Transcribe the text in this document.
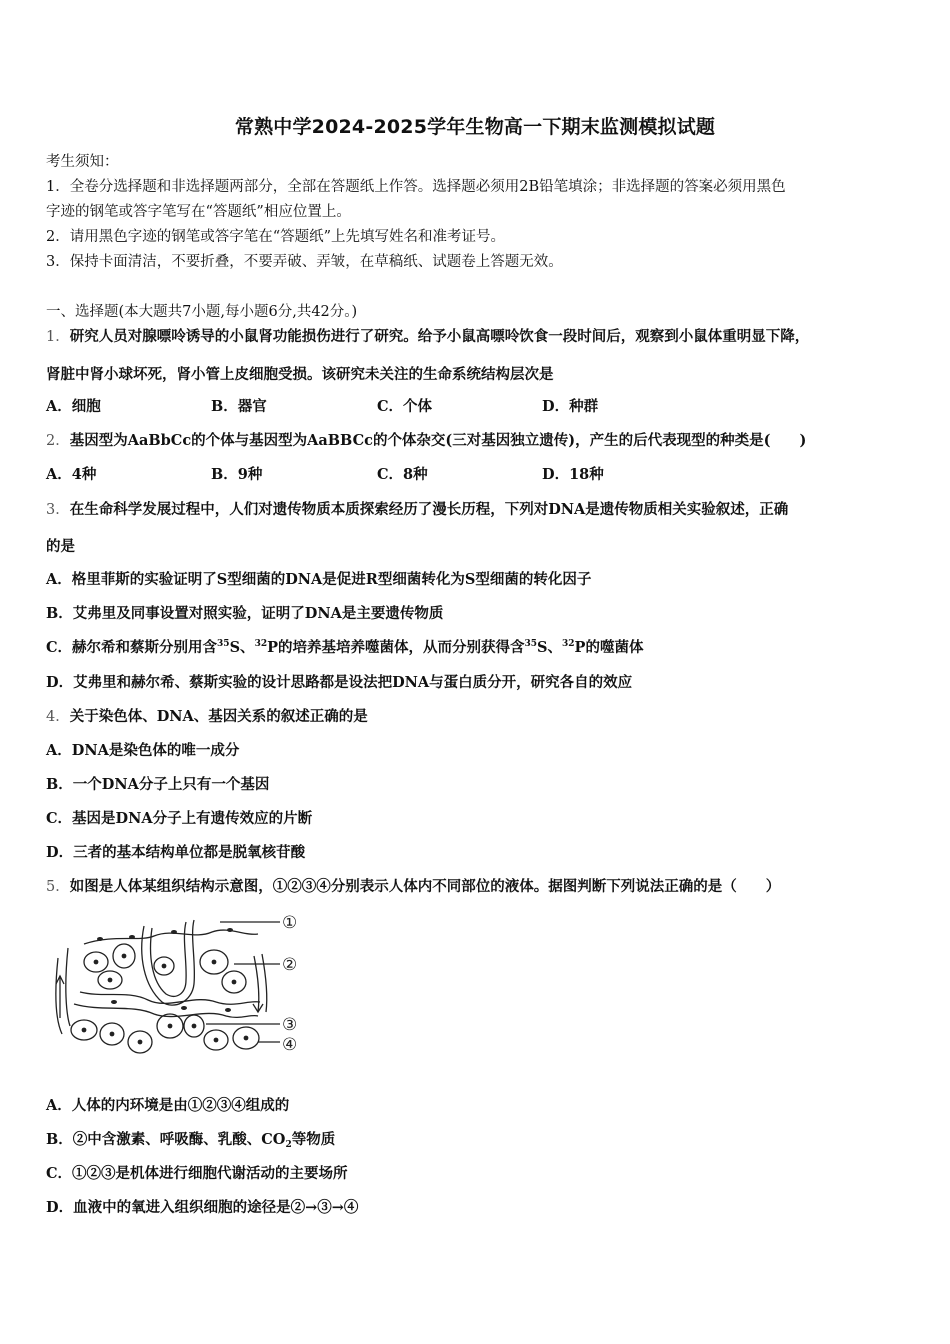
常熟中学2024-2025学年生物高一下期末监测模拟试题
考生须知：
1．全卷分选择题和非选择题两部分，全部在答题纸上作答。选择题必须用2B铅笔填涂；非选择题的答案必须用黑色
字迹的钢笔或答字笔写在“答题纸”相应位置上。
2．请用黑色字迹的钢笔或答字笔在“答题纸”上先填写姓名和准考证号。
3．保持卡面清洁，不要折叠，不要弄破、弄皱，在草稿纸、试题卷上答题无效。
一、选择题(本大题共7小题,每小题6分,共42分。)
1．研究人员对腺嘌呤诱导的小鼠肾功能损伤进行了研究。给予小鼠高嘌呤饮食一段时间后，观察到小鼠体重明显下降，
肾脏中肾小球坏死，肾小管上皮细胞受损。该研究未关注的生命系统结构层次是
A．细胞	B．器官	C．个体	D．种群
2．基因型为AaBbCc的个体与基因型为AaBBCc的个体杂交(三对基因独立遗传)，产生的后代表现型的种类是(　　)
A．4种	B．9种	C．8种	D．18种
3．在生命科学发展过程中，人们对遗传物质本质探索经历了漫长历程，下列对DNA是遗传物质相关实验叙述，正确
的是
A．格里菲斯的实验证明了S型细菌的DNA是促进R型细菌转化为S型细菌的转化因子
B．艾弗里及同事设置对照实验，证明了DNA是主要遗传物质
C．赫尔希和蔡斯分别用含$^{35}$S、$^{32}$P的培养基培养噬菌体，从而分别获得含$^{35}$S、$^{32}$P的噬菌体
D．艾弗里和赫尔希、蔡斯实验的设计思路都是设法把DNA与蛋白质分开，研究各自的效应
4．关于染色体、DNA、基因关系的叙述正确的是
A．DNA是染色体的唯一成分
B．一个DNA分子上只有一个基因
C．基因是DNA分子上有遗传效应的片断
D．三者的基本结构单位都是脱氧核苷酸
5．如图是人体某组织结构示意图，①②③④分别表示人体内不同部位的液体。据图判断下列说法正确的是（　　）
①
②
③
④
A．人体的内环境是由①②③④组成的
B．②中含激素、呼吸酶、乳酸、$CO_2$等物质
C．①②③是机体进行细胞代谢活动的主要场所
D．血液中的氧进入组织细胞的途径是②→③→④
